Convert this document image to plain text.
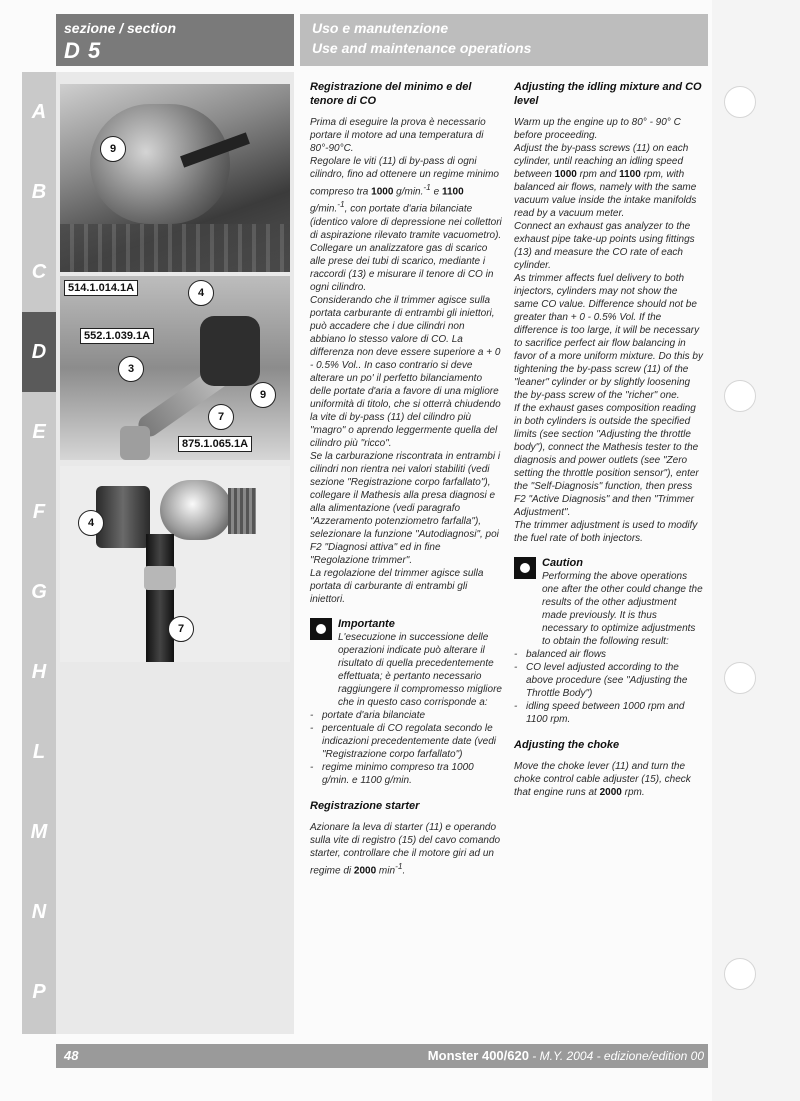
sezione / section
D 5
Uso e manutenzione
Use and maintenance operations
A
B
C
D
E
F
G
H
L
M
N
P
9
514.1.014.1A
552.1.039.1A
875.1.065.1A
4
3
7
9
4
7
Registrazione del minimo e del tenore di CO

Prima di eseguire la prova è necessario portare il motore ad una temperatura di 80°-90°C.

Regolare le viti (11) di by-pass di ogni cilindro, fino ad ottenere un regime minimo compreso tra 1000 g/min.$^{-1}$ e 1100 g/min.$^{-1}$, con portate d'aria bilanciate (identico valore di depressione nei collettori di aspirazione rilevato tramite vacuometro).

Collegare un analizzatore gas di scarico alle prese dei tubi di scarico, mediante i raccordi (13) e misurare il tenore di CO in ogni cilindro.

Considerando che il trimmer agisce sulla portata carburante di entrambi gli iniettori, può accadere che i due cilindri non abbiano lo stesso valore di CO. La differenza non deve essere superiore a + 0 - 0.5% Vol.. In caso contrario si deve alterare un po' il perfetto bilanciamento delle portate d'aria a favore di una migliore uniformità di titolo, che si otterrà chiudendo

la vite di by-pass (11) del cilindro più "magro" o aprendo leggermente quella del cilindro più "ricco".

Se la carburazione riscontrata in entrambi i cilindri non rientra nei valori stabiliti (vedi sezione "Registrazione corpo farfallato"), collegare il Mathesis alla presa diagnosi e alla alimentazione (vedi paragrafo "Azzeramento potenziometro farfalla"), selezionare la funzione "Autodiagnosi", poi F2 "Diagnosi attiva" ed in fine "Regolazione trimmer".

La regolazione del trimmer agisce sulla portata di carburante di entrambi gli iniettori.

Importante
L'esecuzione in successione delle operazioni indicate può alterare il risultato di quella precedentemente effettuata; è pertanto necessario raggiungere il compromesso migliore che in questo caso corrisponde a:
- portate d'aria bilanciate
- percentuale di CO regolata secondo le indicazioni precedentemente date (vedi "Registrazione corpo farfallato")
- regime minimo compreso tra 1000 g/min. e 1100 g/min.
Registrazione starter

Azionare la leva di starter (11) e operando sulla vite di registro (15) del cavo comando starter, controllare che il motore giri ad un regime di 2000 $\min^{-1}$.

Adjusting the idling mixture and CO level

Warm up the engine up to 80° - 90° C before proceeding.

Adjust the by-pass screws (11) on each cylinder, until reaching an idling speed between 1000 rpm and 1100 rpm, with balanced air flows, namely with the same vacuum value inside the intake manifolds read by a vacuum meter.

Connect an exhaust gas analyzer to the exhaust pipe take-up points using fittings (13) and measure the CO rate of each cylinder.

As trimmer affects fuel delivery to both injectors, cylinders may not show the same CO value. Difference should not be greater than + 0 - 0.5% Vol. If the difference is too large, it will be necessary to sacrifice perfect air flow balancing in favor of a more uniform mixture. Do this by tightening the by-pass screw (11) of the "leaner" cylinder or by slightly loosening the by-pass screw of the "richer" one.

If the exhaust gases composition reading in both cylinders is outside the specified limits (see section "Adjusting the throttle body"), connect the Mathesis tester to the diagnosis and power outlets (see "Zero setting the throttle position sensor"), enter the "Self-Diagnosis" function, then press F2 "Active Diagnosis" and then "Trimmer Adjustment".

The trimmer adjustment is used to modify the fuel rate of both injectors.

Caution
Performing the above operations one after the other could change the results of the other adjustment made previously. It is thus necessary to optimize adjustments to obtain the following result:
- balanced air flows
- CO level adjusted according to the above procedure (see "Adjusting the Throttle Body")
- idling speed between 1000 rpm and 1100 rpm.
Adjusting the choke

Move the choke lever (11) and turn the choke control cable adjuster (15), check that engine runs at 2000 rpm.

48	Monster 400/620 - M.Y. 2004 - edizione/edition 00
